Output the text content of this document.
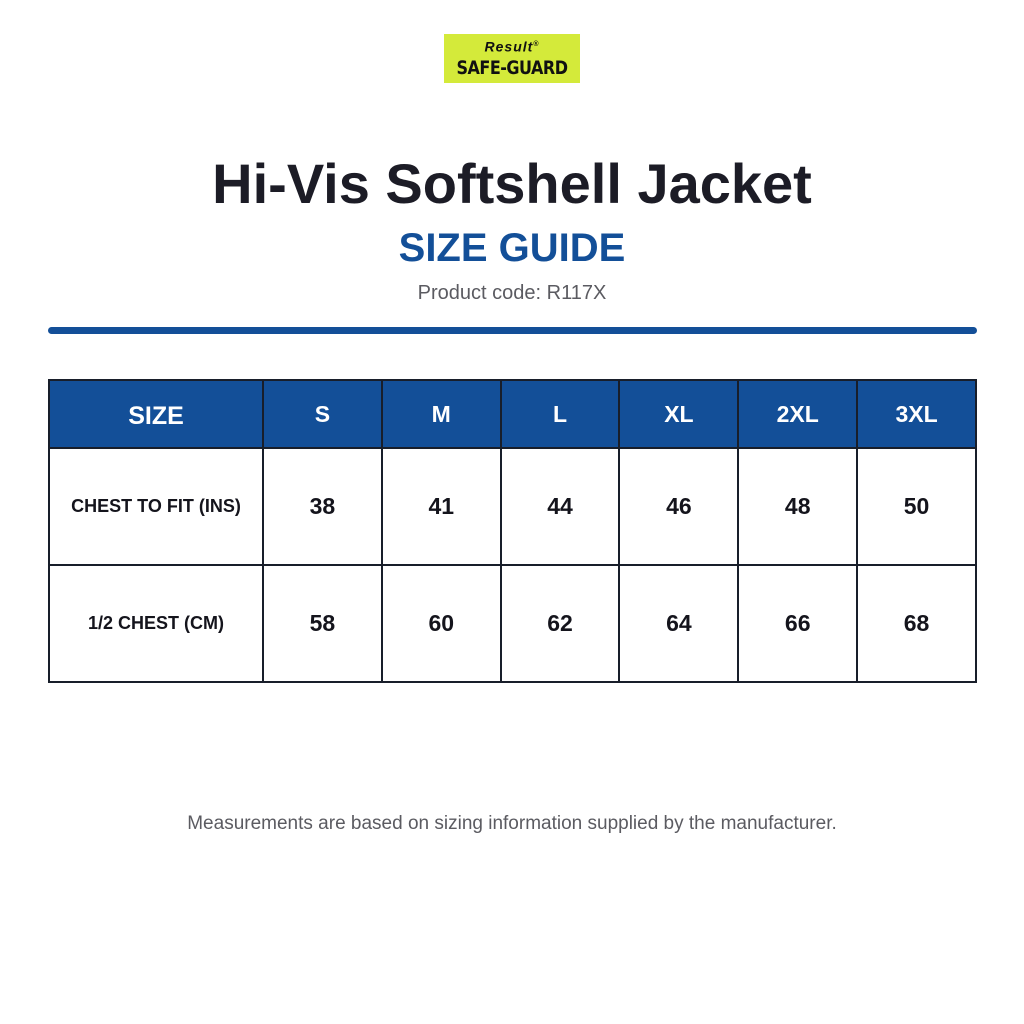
Result®
SAFE-GUARD
Hi-Vis Softshell Jacket
SIZE GUIDE
Product code: R117X
SIZE	S	M	L	XL	2XL	3XL
CHEST TO FIT (INS)	38	41	44	46	48	50
1/2 CHEST (CM)	58	60	62	64	66	68
Measurements are based on sizing information supplied by the manufacturer.
